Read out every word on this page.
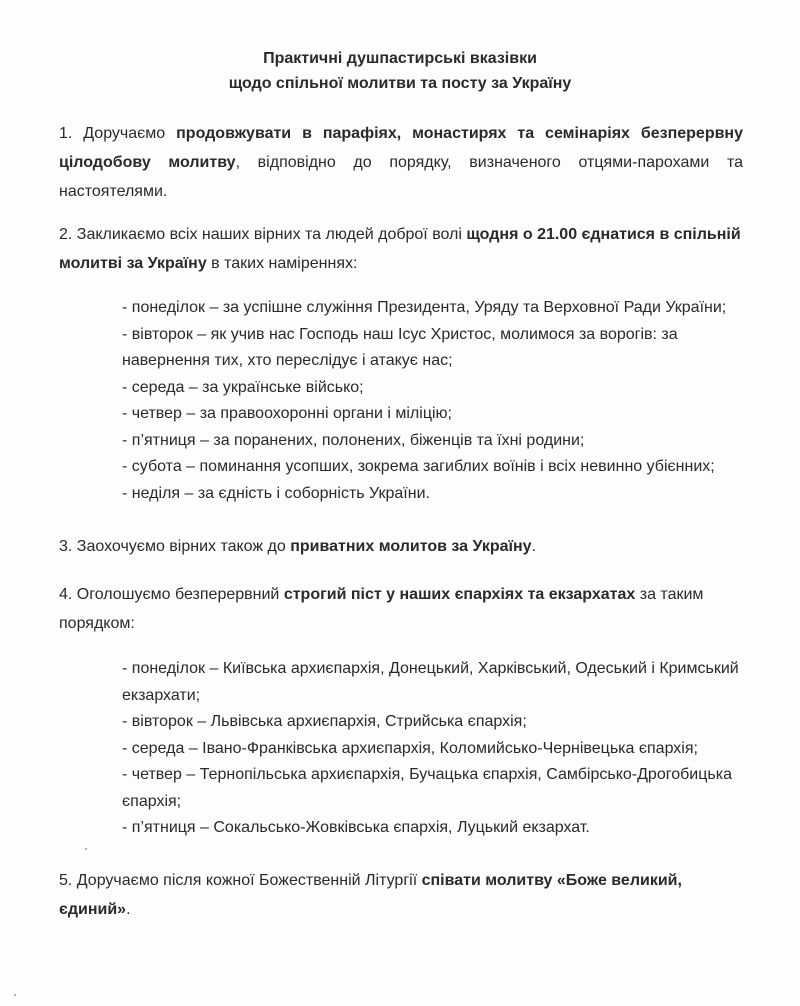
Практичні душпастирські вказівки
щодо спільної молитви та посту за Україну
1. Доручаємо продовжувати в парафіях, монастирях та семінаріях безперервну
цілодобову молитву, відповідно до порядку, визначеного отцями-парохами та
настоятелями.
2. Закликаємо всіх наших вірних та людей доброї волі щодня о 21.00 єднатися в спільній
молитві за Україну в таких наміреннях:
- понеділок – за успішне служіння Президента, Уряду та Верховної Ради України;
- вівторок – як учив нас Господь наш Ісус Христос, молимося за ворогів: за
навернення тих, хто переслідує і атакує нас;
- середа – за українське військо;
- четвер – за правоохоронні органи і міліцію;
- п’ятниця – за поранених, полонених, біженців та їхні родини;
- субота – поминання усопших, зокрема загиблих воїнів і всіх невинно убієнних;
- неділя – за єдність і соборність України.
3. Заохочуємо вірних також до приватних молитов за Україну.
4. Оголошуємо безперервний строгий піст у наших єпархіях та екзархатах за таким
порядком:
- понеділок – Київська архиєпархія, Донецький, Харківський, Одеський і Кримський
екзархати;
- вівторок – Львівська архиєпархія, Стрийська єпархія;
- середа – Івано-Франківська архиєпархія, Коломийсько-Чернівецька єпархія;
- четвер – Тернопільська архиєпархія, Бучацька єпархія, Самбірсько-Дрогобицька
єпархія;
- п’ятниця – Сокальсько-Жовківська єпархія, Луцький екзархат.
5. Доручаємо після кожної Божественній Літургії співати молитву «Боже великий,
єдиний».
